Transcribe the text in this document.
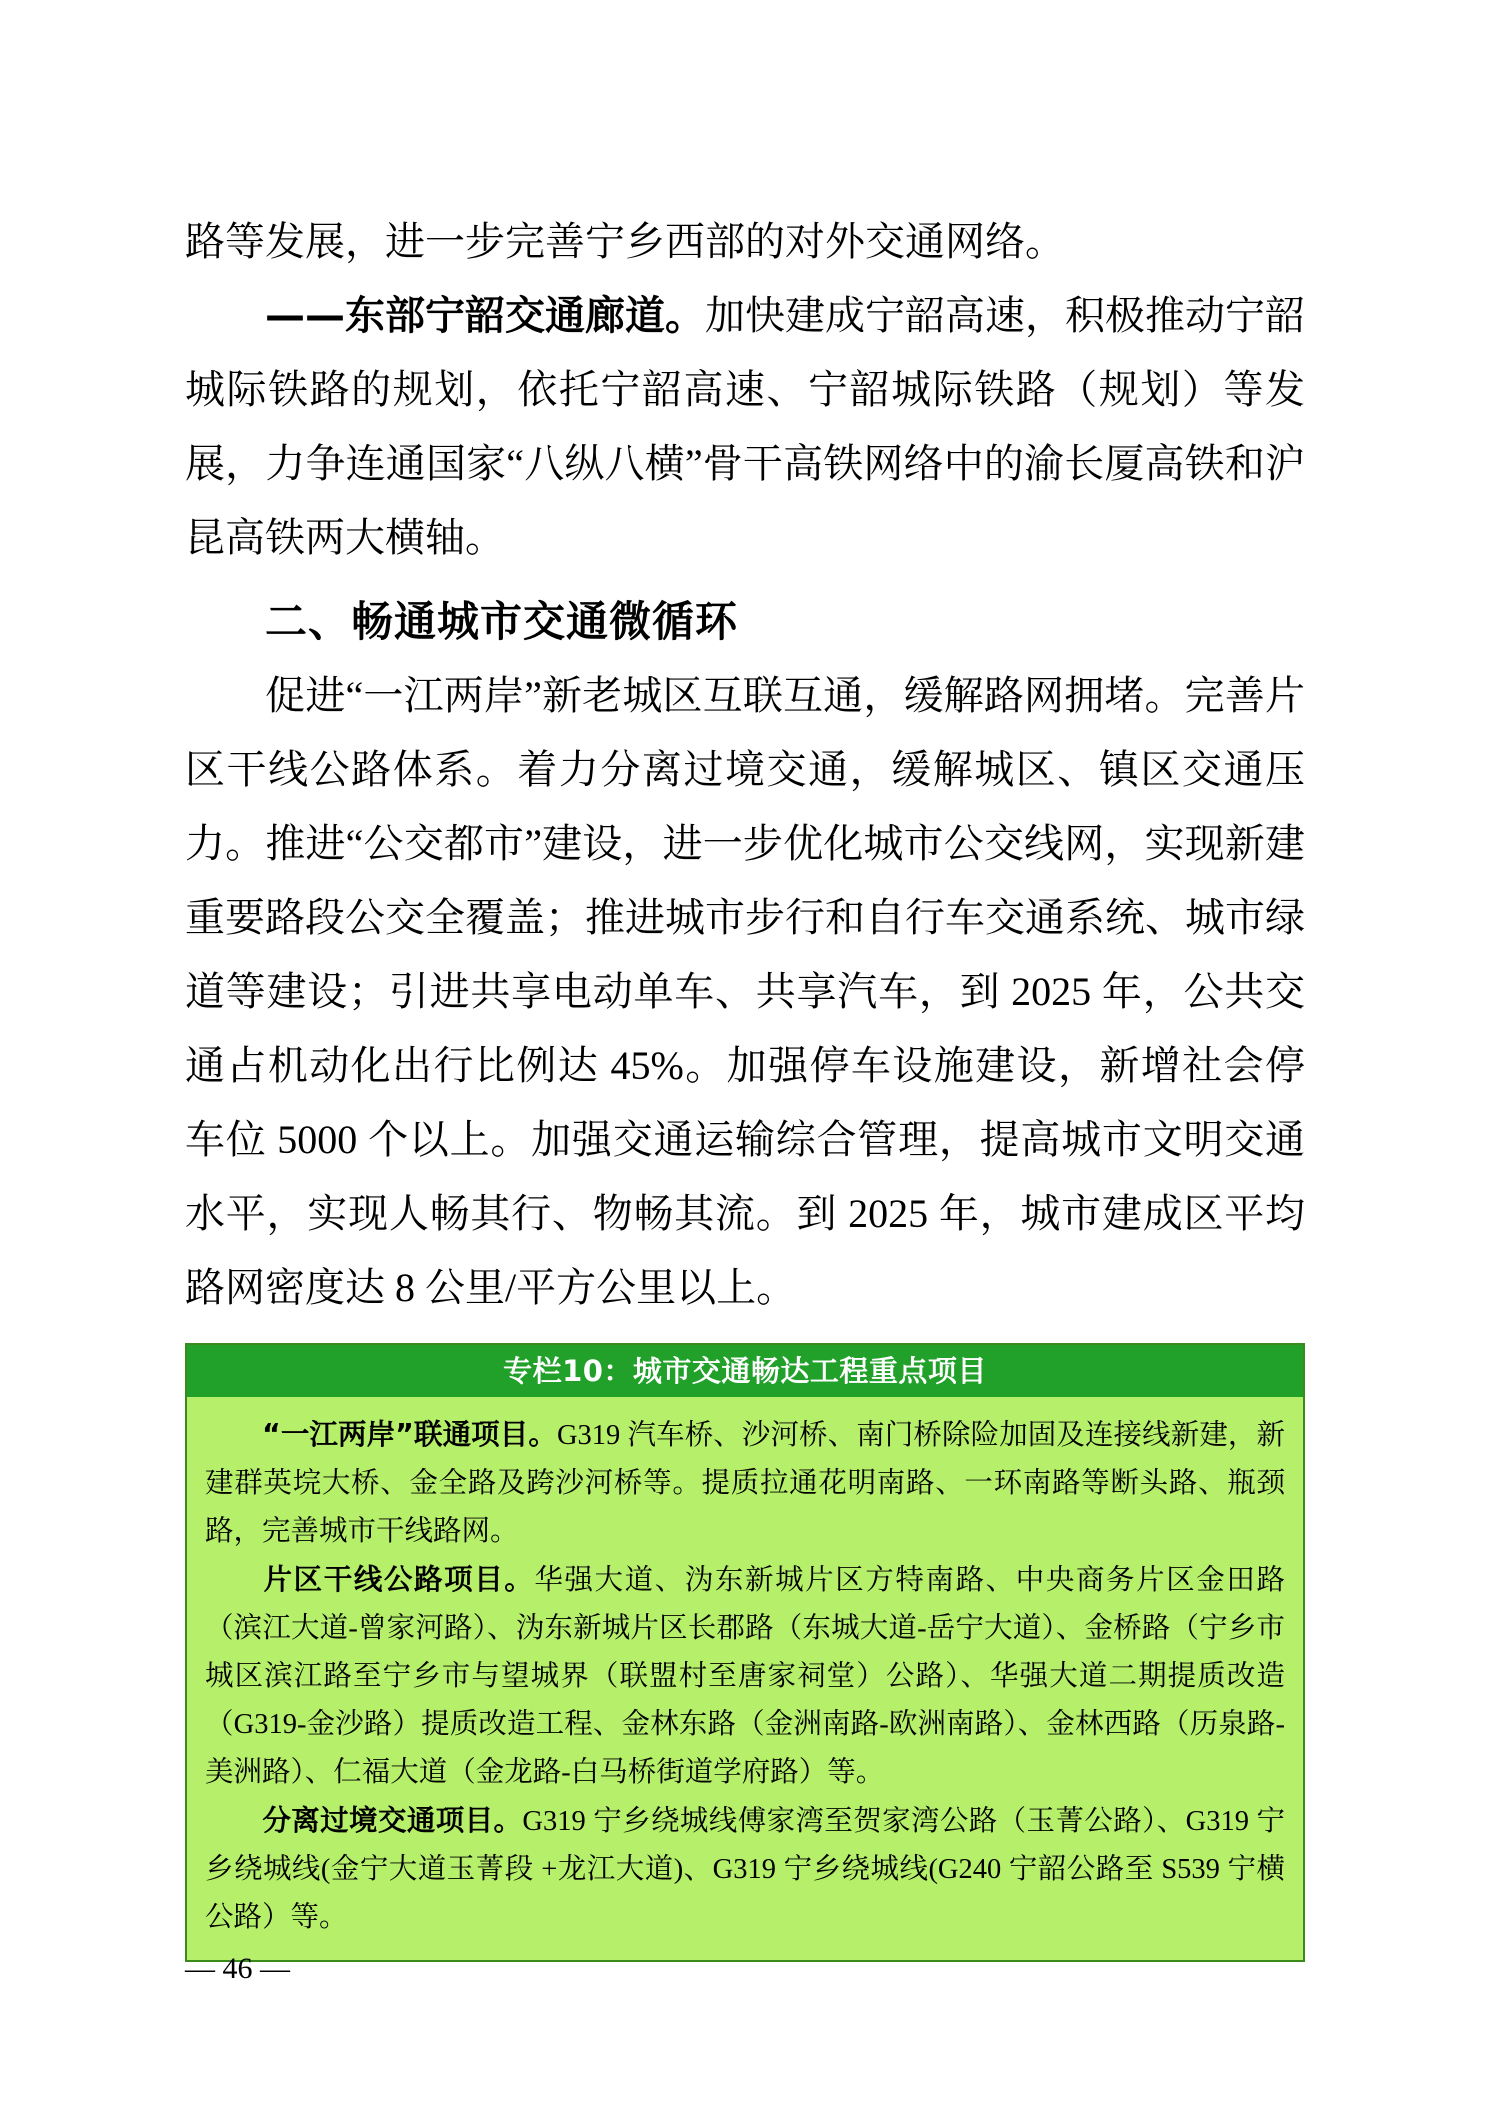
路等发展，进一步完善宁乡西部的对外交通网络。

——东部宁韶交通廊道。加快建成宁韶高速，积极推动宁韶城际铁路的规划，依托宁韶高速、宁韶城际铁路（规划）等发展，力争连通国家“八纵八横”骨干高铁网络中的渝长厦高铁和沪昆高铁两大横轴。

二、畅通城市交通微循环

促进“一江两岸”新老城区互联互通，缓解路网拥堵。完善片区干线公路体系。着力分离过境交通，缓解城区、镇区交通压力。推进“公交都市”建设，进一步优化城市公交线网，实现新建重要路段公交全覆盖；推进城市步行和自行车交通系统、城市绿道等建设；引进共享电动单车、共享汽车，到 2025 年，公共交通占机动化出行比例达 45%。加强停车设施建设，新增社会停车位 5000 个以上。加强交通运输综合管理，提高城市文明交通水平，实现人畅其行、物畅其流。到 2025 年，城市建成区平均路网密度达 8 公里/平方公里以上。

专栏10：城市交通畅达工程重点项目

“一江两岸”联通项目。G319 汽车桥、沙河桥、南门桥除险加固及连接线新建，新建群英垸大桥、金全路及跨沙河桥等。提质拉通花明南路、一环南路等断头路、瓶颈路，完善城市干线路网。

片区干线公路项目。华强大道、沩东新城片区方特南路、中央商务片区金田路（滨江大道-曾家河路）、沩东新城片区长郡路（东城大道-岳宁大道）、金桥路（宁乡市城区滨江路至宁乡市与望城界（联盟村至唐家祠堂）公路）、华强大道二期提质改造（G319-金沙路）提质改造工程、金林东路（金洲南路-欧洲南路）、金林西路（历泉路-美洲路）、仁福大道（金龙路-白马桥街道学府路）等。

分离过境交通项目。G319 宁乡绕城线傅家湾至贺家湾公路（玉菁公路）、G319 宁乡绕城线(金宁大道玉菁段 +龙江大道)、G319 宁乡绕城线(G240 宁韶公路至 S539 宁横公路）等。

— 46 —
